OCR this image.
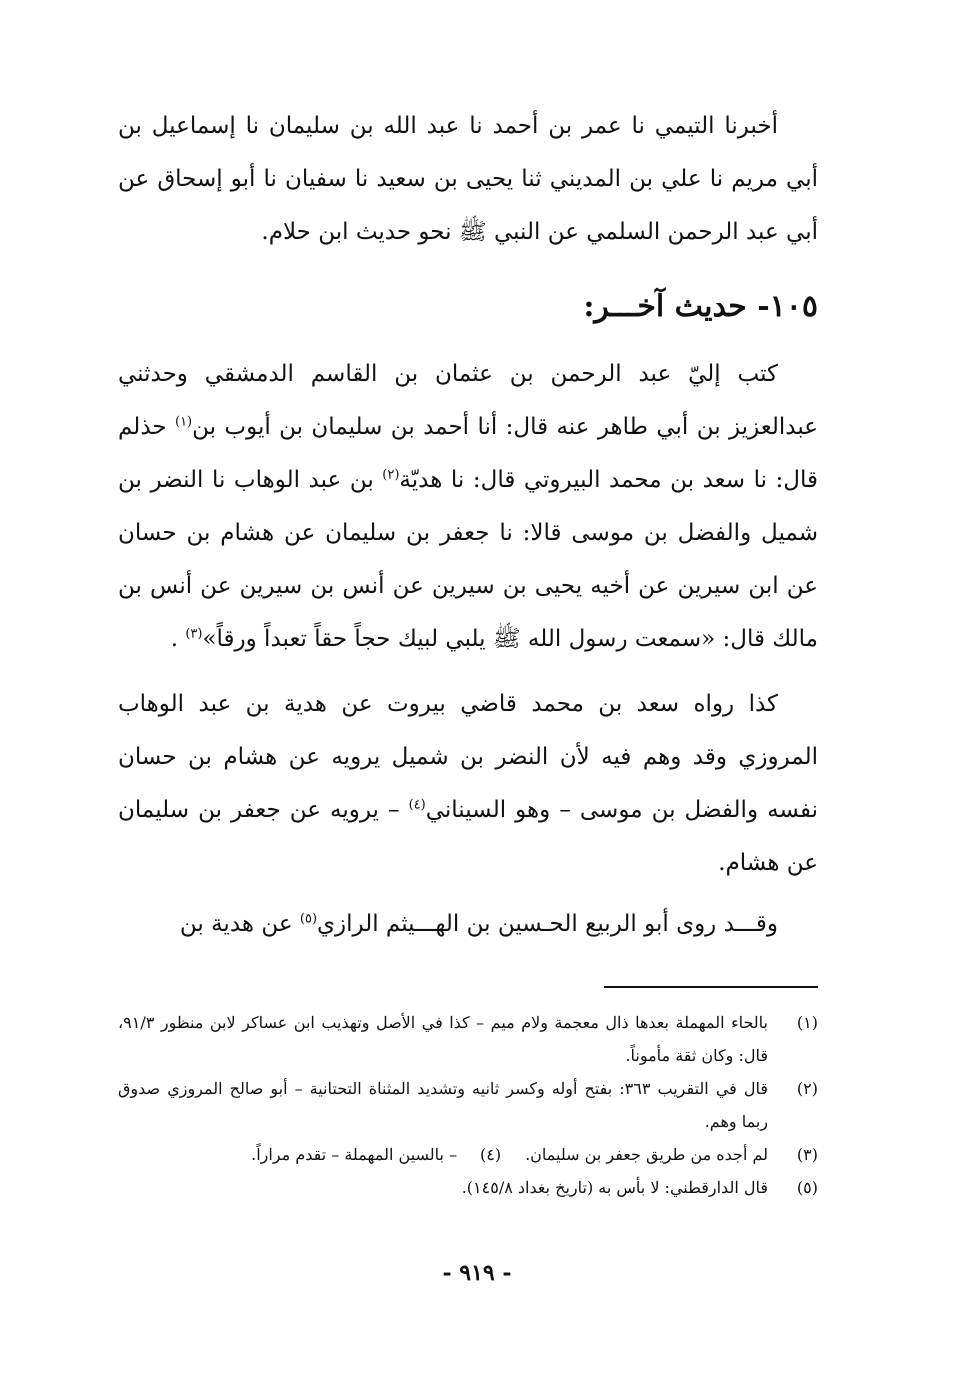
أخبرنا التيمي نا عمر بن أحمد نا عبد الله بن سليمان نا إسماعيل بن أبي مريم نا علي بن المديني ثنا يحيى بن سعيد نا سفيان نا أبو إسحاق عن أبي عبد الرحمن السلمي عن النبي ﷺ نحو حديث ابن حلام.

١٠٥- حديث آخـــر:

كتب إليّ عبد الرحمن بن عثمان بن القاسم الدمشقي وحدثني عبدالعزيز بن أبي طاهر عنه قال: أنا أحمد بن سليمان بن أيوب بن$^{(١)}$ حذلم قال: نا سعد بن محمد البيروتي قال: نا هديّة$^{(٢)}$ بن عبد الوهاب نا النضر بن شميل والفضل بن موسى قالا: نا جعفر بن سليمان عن هشام بن حسان عن ابن سيرين عن أخيه يحيى بن سيرين عن أنس بن سيرين عن أنس بن مالك قال: «سمعت رسول الله ﷺ يلبي لبيك حجاً حقاً تعبداً ورقاً»$^{(٣)}$ .

كذا رواه سعد بن محمد قاضي بيروت عن هدية بن عبد الوهاب المروزي وقد وهم فيه لأن النضر بن شميل يرويه عن هشام بن حسان نفسه والفضل بن موسى – وهو السيناني$^{(٤)}$ – يرويه عن جعفر بن سليمان عن هشام.

وقـــد روى أبو الربيع الحـسين بن الهـــيثم الرازي$^{(٥)}$ عن هدية بن

(١)
بالحاء المهملة بعدها ذال معجمة ولام ميم – كذا في الأصل وتهذيب ابن عساكر لابن منظور ٩١/٣، قال: وكان ثقة مأموناً.

(٢)
قال في التقريب ٣٦٣: بفتح أوله وكسر ثانيه وتشديد المثناة التحتانية – أبو صالح المروزي صدوق ربما وهم.

(٣)
لم أجده من طريق جعفر بن سليمان.

(٤)
– بالسين المهملة – تقدم مراراً.

(٥)
قال الدارقطني: لا بأس به (تاريخ بغداد ١٤٥/٨).

- ٩١٩ -
